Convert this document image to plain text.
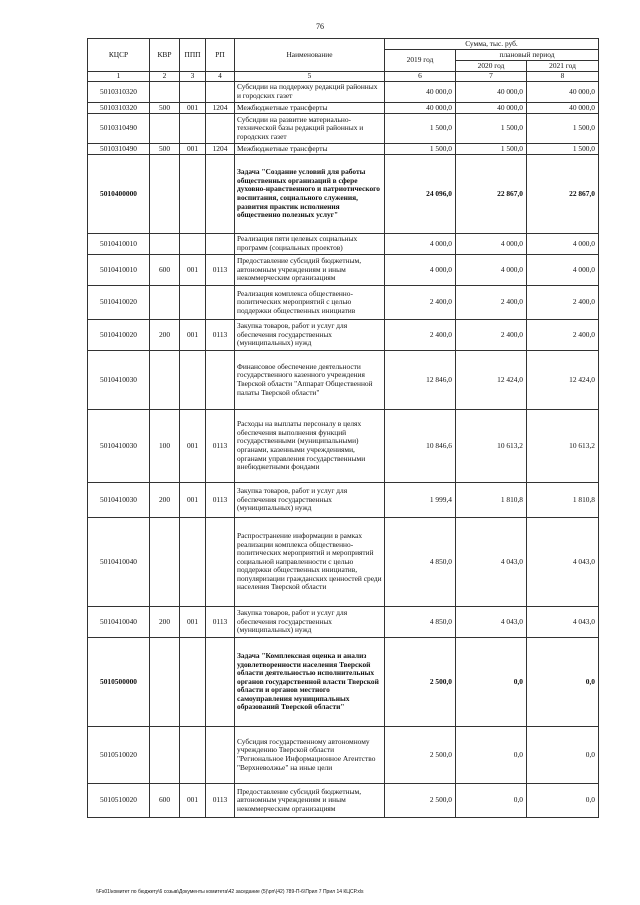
76
КЦСР	КВР	ППП	РП	Наименование	Сумма, тыс. руб.		
					2019 год	плановый период	
						2020 год	2021 год
1	2	3	4	5	6	7	8
5010310320				Субсидии на поддержку редакций районных и городских газет	40 000,0	40 000,0	40 000,0
5010310320	500	001	1204	Межбюджетные трансферты	40 000,0	40 000,0	40 000,0
5010310490				Субсидии на развитие материально-технической базы редакций районных и городских газет	1 500,0	1 500,0	1 500,0
5010310490	500	001	1204	Межбюджетные трансферты	1 500,0	1 500,0	1 500,0
5010400000				Задача "Создание условий для работы общественных организаций в сфере духовно-нравственного и патриотического воспитания, социального служения, развития практик исполнения общественно полезных услуг"	24 096,0	22 867,0	22 867,0
5010410010				Реализация пяти целевых социальных программ (социальных проектов)	4 000,0	4 000,0	4 000,0
5010410010	600	001	0113	Предоставление субсидий бюджетным, автономным учреждениям и иным некоммерческим организациям	4 000,0	4 000,0	4 000,0
5010410020				Реализация комплекса общественно-политических мероприятий с целью поддержки общественных инициатив	2 400,0	2 400,0	2 400,0
5010410020	200	001	0113	Закупка товаров, работ и услуг для обеспечения государственных (муниципальных) нужд	2 400,0	2 400,0	2 400,0
5010410030				Финансовое обеспечение деятельности государственного казенного учреждения Тверской области "Аппарат Общественной палаты Тверской области"	12 846,0	12 424,0	12 424,0
5010410030	100	001	0113	Расходы на выплаты персоналу в целях обеспечения выполнения функций государственными (муниципальными) органами, казенными учреждениями, органами управления государственными внебюджетными фондами	10 846,6	10 613,2	10 613,2
5010410030	200	001	0113	Закупка товаров, работ и услуг для обеспечения государственных (муниципальных) нужд	1 999,4	1 810,8	1 810,8
5010410040				Распространение информации в рамках реализации комплекса общественно-политических мероприятий и мероприятий социальной направленности с целью поддержки общественных инициатив, популяризации гражданских ценностей среди населения Тверской области	4 850,0	4 043,0	4 043,0
5010410040	200	001	0113	Закупка товаров, работ и услуг для обеспечения государственных (муниципальных) нужд	4 850,0	4 043,0	4 043,0
5010500000				Задача "Комплексная оценка и анализ удовлетворенности населения Тверской области деятельностью исполнительных органов государственной власти Тверской области и органов местного самоуправления муниципальных образований Тверской области"	2 500,0	0,0	0,0
5010510020				Субсидия государственному автономному учреждению Тверской области "Региональное Информационное Агентство "Верхневолжье" на иные цели	2 500,0	0,0	0,0
5010510020	600	001	0113	Предоставление субсидий бюджетным, автономным учреждениям и иным некоммерческим организациям	2 500,0	0,0	0,0
\\Fs01\комитет по бюджету\6 созыв\Документы комитета\42 заседание (5)\рп\(42) 789-П-6\Прил 7 Прил 14 КЦСР.xls
